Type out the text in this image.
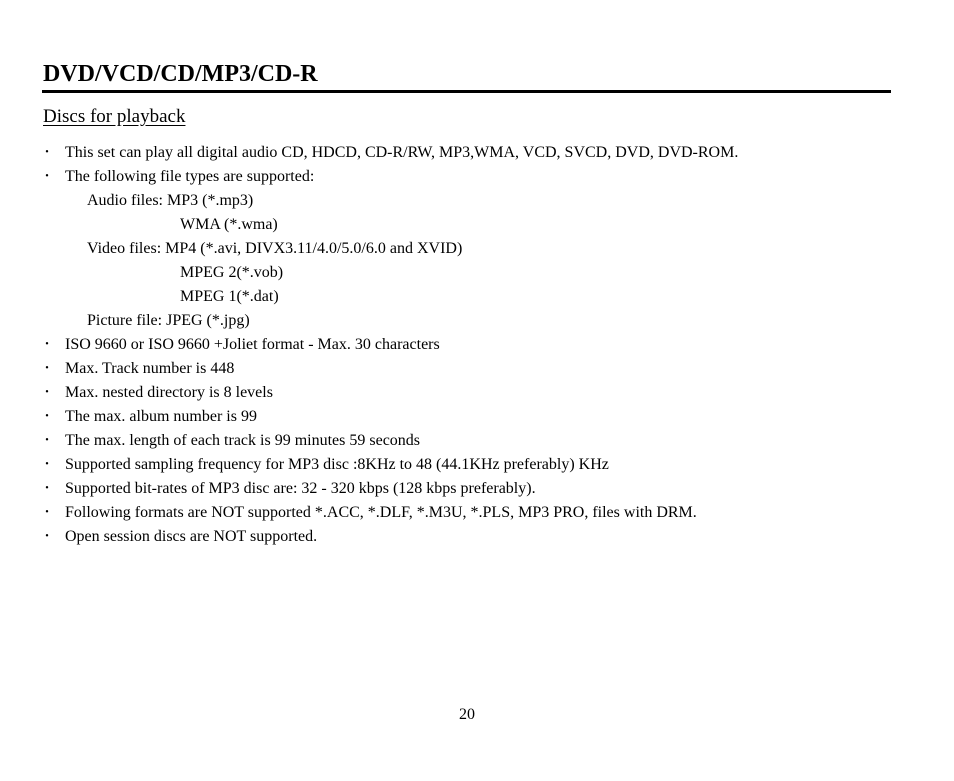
DVD/VCD/CD/MP3/CD-R
Discs for playback
• This set can play all digital audio CD, HDCD, CD-R/RW, MP3,WMA, VCD, SVCD, DVD, DVD-ROM.
• The following file types are supported:
Audio files: MP3 (*.mp3)
WMA (*.wma)
Video files: MP4 (*.avi, DIVX3.11/4.0/5.0/6.0 and XVID)
MPEG 2(*.vob)
MPEG 1(*.dat)
Picture file: JPEG (*.jpg)
• ISO 9660 or ISO 9660 +Joliet format - Max. 30 characters
• Max. Track number is 448
• Max. nested directory is 8 levels
• The max. album number is 99
• The max. length of each track is 99 minutes 59 seconds
• Supported sampling frequency for MP3 disc :8KHz to 48 (44.1KHz preferably) KHz
• Supported bit-rates of MP3 disc are: 32 - 320 kbps (128 kbps preferably).
• Following formats are NOT supported *.ACC, *.DLF, *.M3U, *.PLS, MP3 PRO, files with DRM.
• Open session discs are NOT supported.
20
